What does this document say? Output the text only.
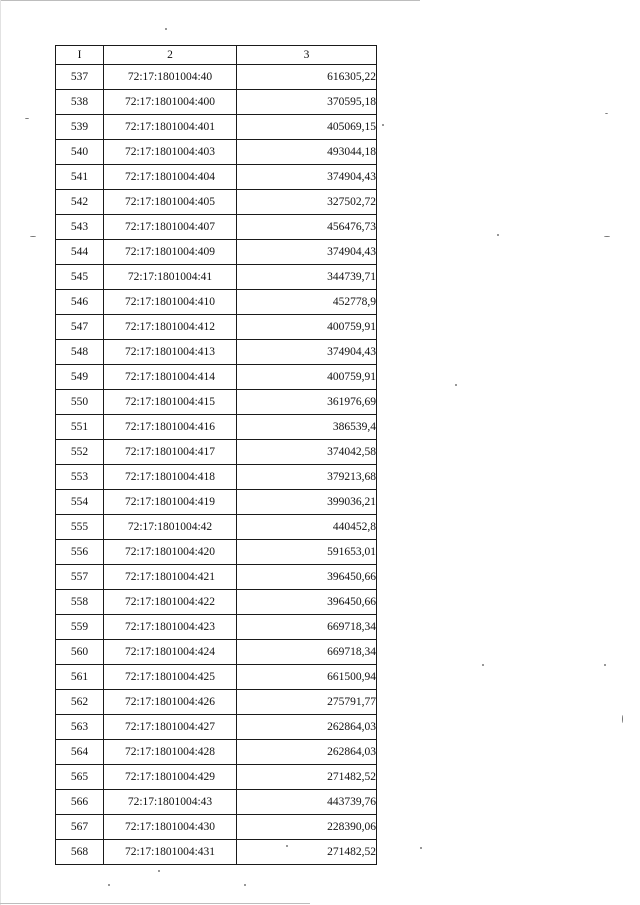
I	2	3
537	72:17:1801004:40	616305,22
538	72:17:1801004:400	370595,18
539	72:17:1801004:401	405069,15
540	72:17:1801004:403	493044,18
541	72:17:1801004:404	374904,43
542	72:17:1801004:405	327502,72
543	72:17:1801004:407	456476,73
544	72:17:1801004:409	374904,43
545	72:17:1801004:41	344739,71
546	72:17:1801004:410	452778,9
547	72:17:1801004:412	400759,91
548	72:17:1801004:413	374904,43
549	72:17:1801004:414	400759,91
550	72:17:1801004:415	361976,69
551	72:17:1801004:416	386539,4
552	72:17:1801004:417	374042,58
553	72:17:1801004:418	379213,68
554	72:17:1801004:419	399036,21
555	72:17:1801004:42	440452,8
556	72:17:1801004:420	591653,01
557	72:17:1801004:421	396450,66
558	72:17:1801004:422	396450,66
559	72:17:1801004:423	669718,34
560	72:17:1801004:424	669718,34
561	72:17:1801004:425	661500,94
562	72:17:1801004:426	275791,77
563	72:17:1801004:427	262864,03
564	72:17:1801004:428	262864,03
565	72:17:1801004:429	271482,52
566	72:17:1801004:43	443739,76
567	72:17:1801004:430	228390,06
568	72:17:1801004:431	271482,52
